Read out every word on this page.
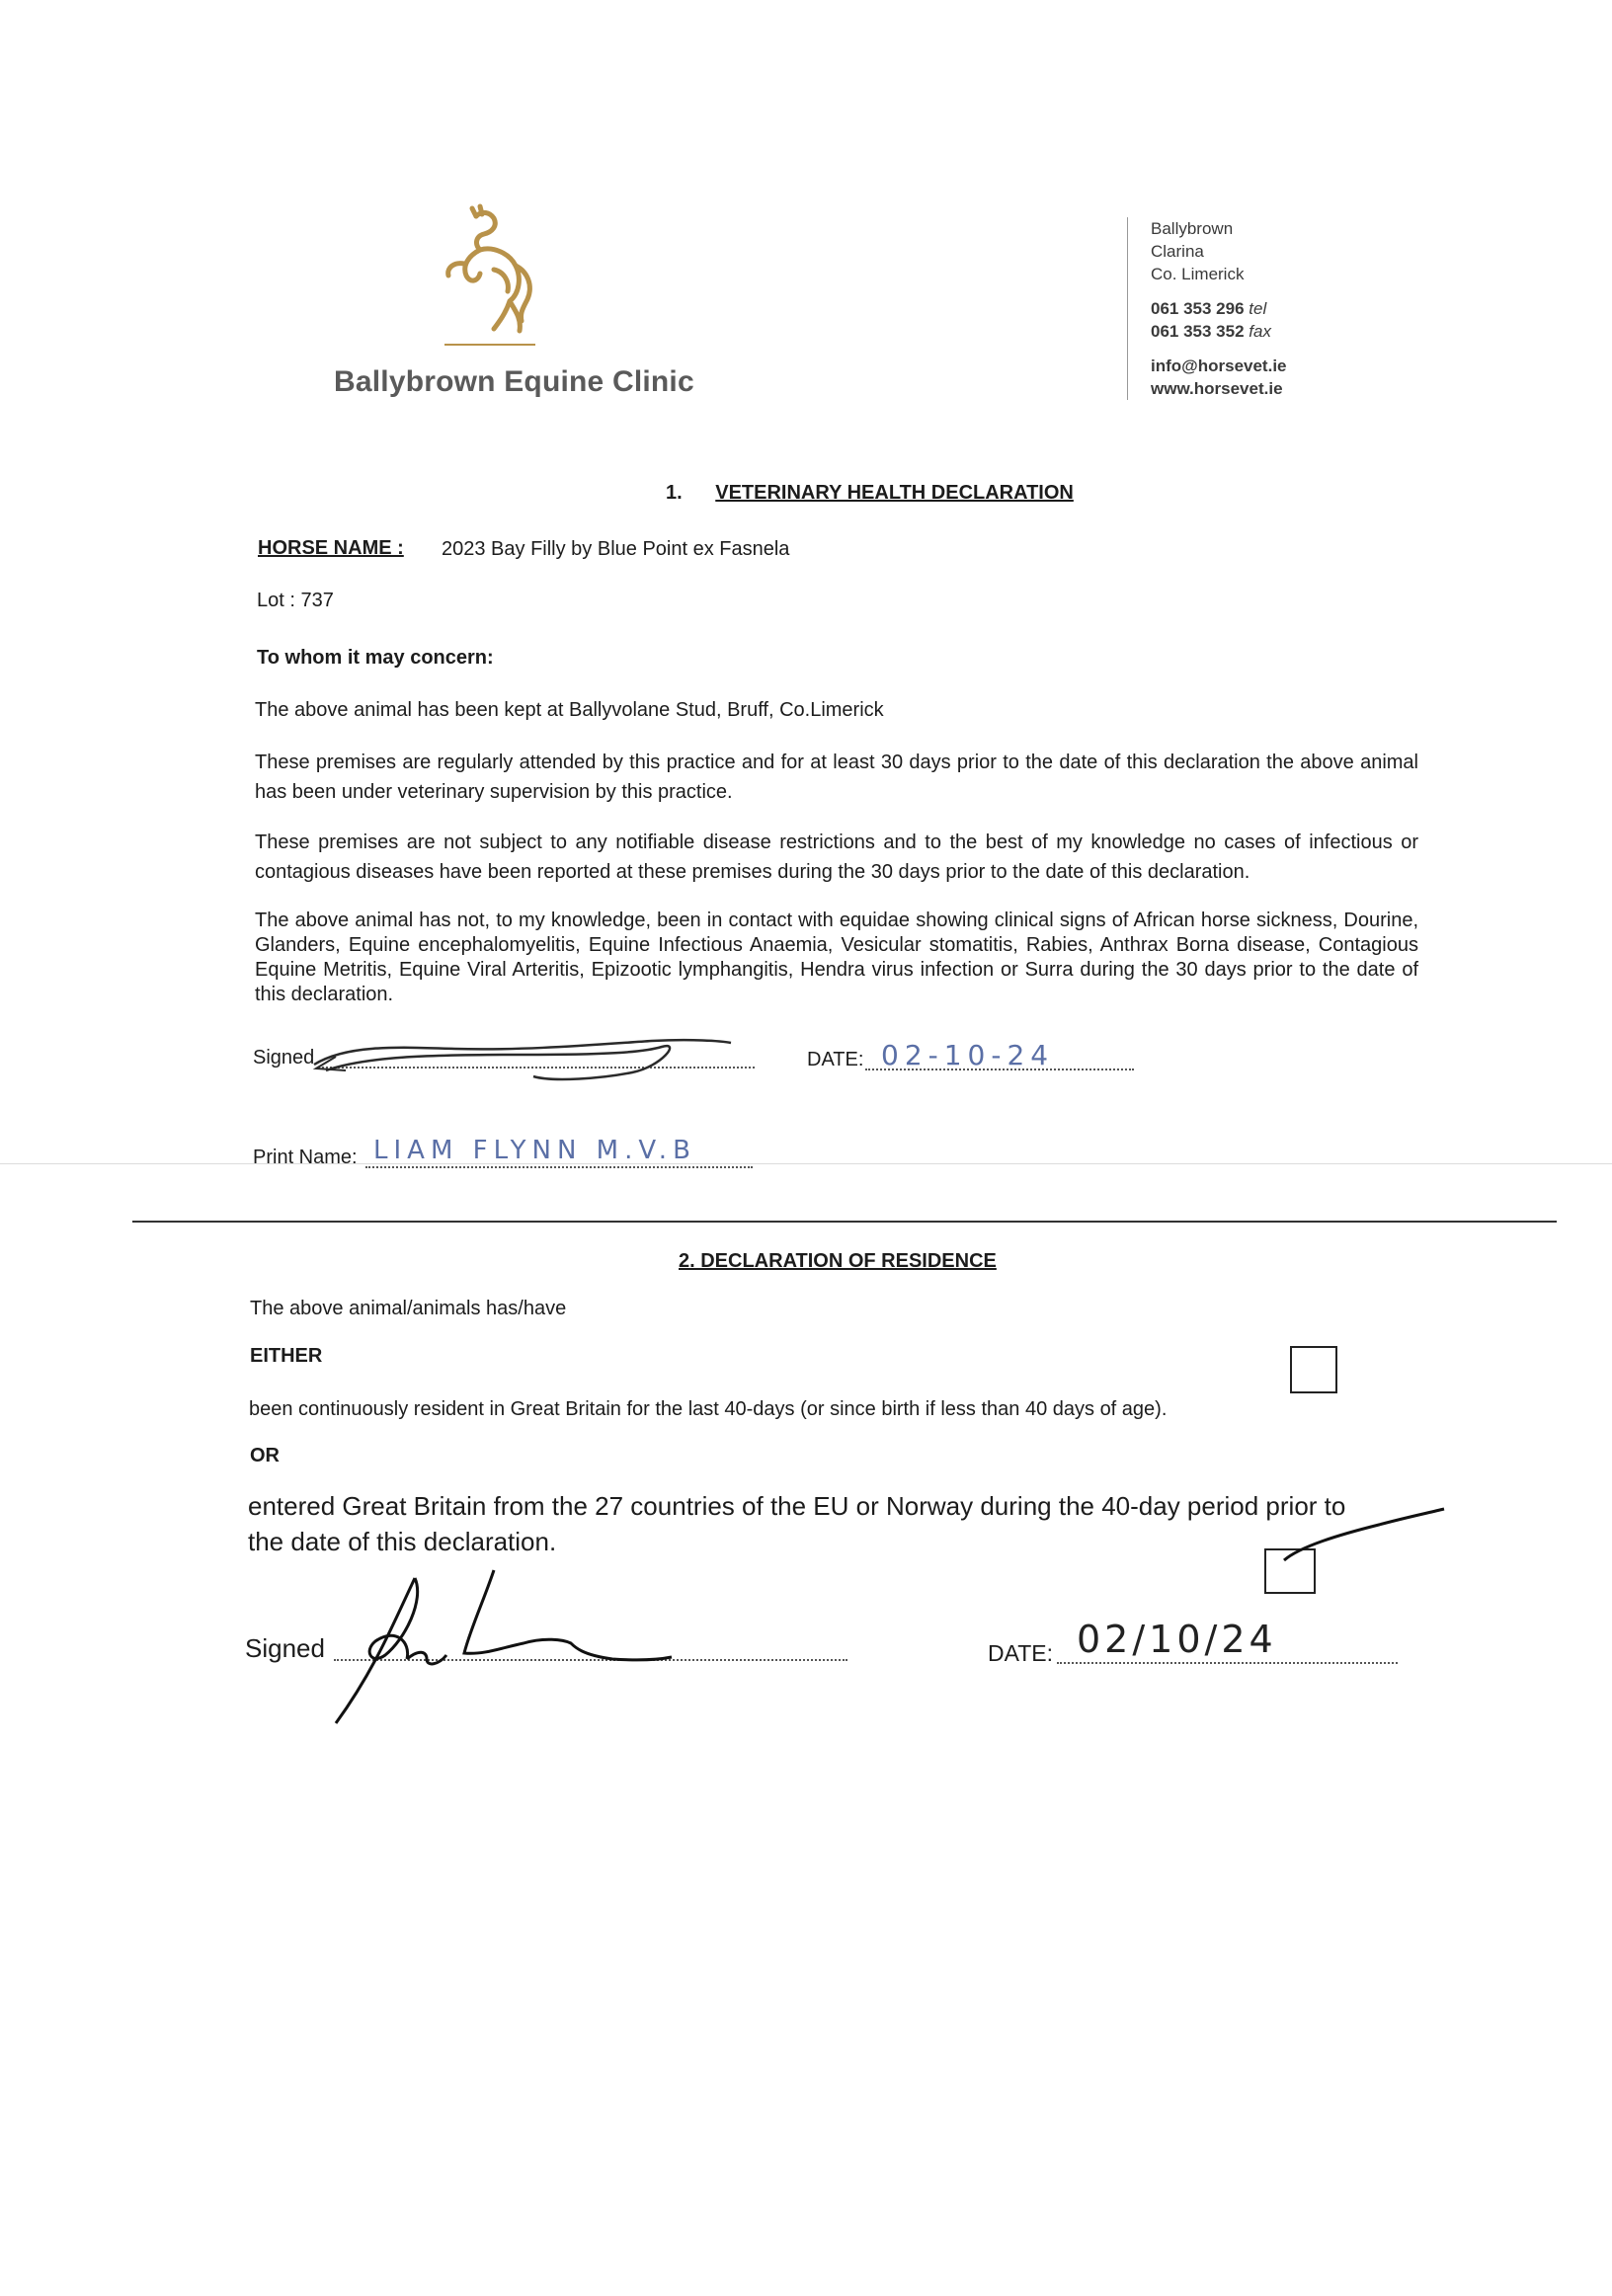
Ballybrown Equine Clinic
Ballybrown
Clarina
Co. Limerick
061 353 296 tel
061 353 352 fax
info@horsevet.ie
www.horsevet.ie
1. VETERINARY HEALTH DECLARATION
HORSE NAME : 2023 Bay Filly by Blue Point ex Fasnela
Lot : 737
To whom it may concern:
The above animal has been kept at Ballyvolane Stud, Bruff, Co.Limerick
These premises are regularly attended by this practice and for at least 30 days prior to the date of this declaration the above animal has been under veterinary supervision by this practice.
These premises are not subject to any notifiable disease restrictions and to the best of my knowledge no cases of infectious or contagious diseases have been reported at these premises during the 30 days prior to the date of this declaration.
The above animal has not, to my knowledge, been in contact with equidae showing clinical signs of African horse sickness, Dourine, Glanders, Equine encephalomyelitis, Equine Infectious Anaemia, Vesicular stomatitis, Rabies, Anthrax Borna disease, Contagious Equine Metritis, Equine Viral Arteritis, Epizootic lymphangitis, Hendra virus infection or Surra during the 30 days prior to the date of this declaration.
Signed	DATE: 02-10-24
Print Name: LIAM FLYNN M.V.B
2. DECLARATION OF RESIDENCE
The above animal/animals has/have
EITHER
been continuously resident in Great Britain for the last 40-days (or since birth if less than 40 days of age).
OR
entered Great Britain from the 27 countries of the EU or Norway during the 40-day period prior to the date of this declaration.
Signed	DATE: 02/10/24
